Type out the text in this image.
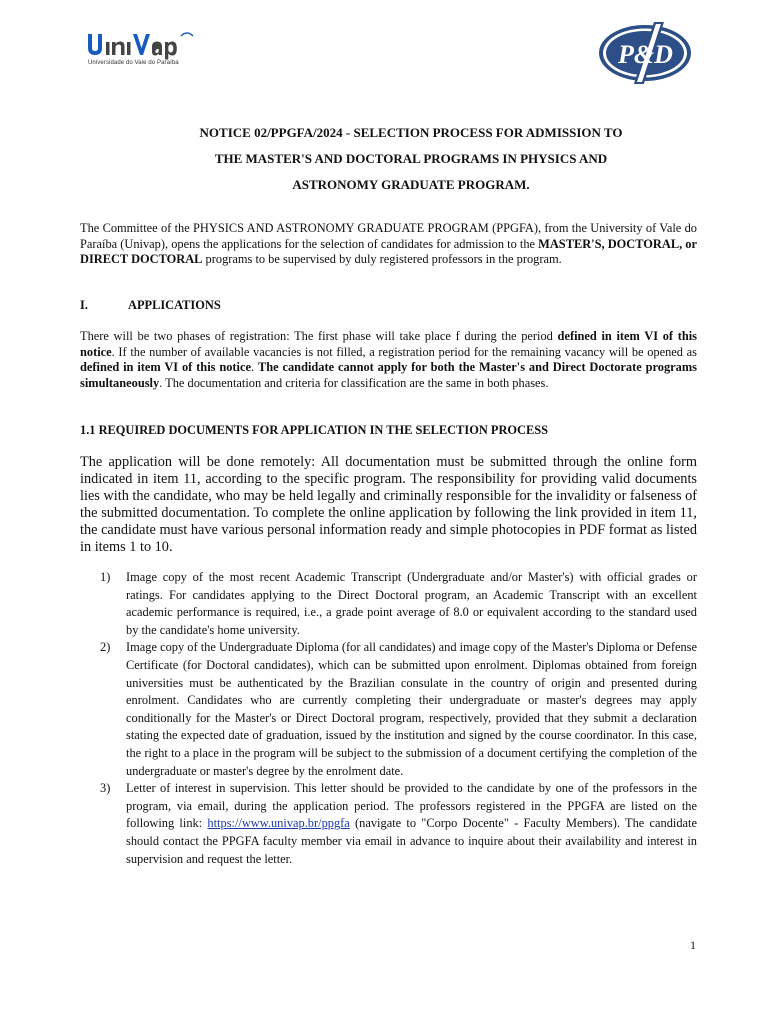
Universidade do Vale do Paraíba	P&D
NOTICE 02/PPGFA/2024 - SELECTION PROCESS FOR ADMISSION TO
THE MASTER'S AND DOCTORAL PROGRAMS IN PHYSICS AND
ASTRONOMY GRADUATE PROGRAM.
The Committee of the PHYSICS AND ASTRONOMY GRADUATE PROGRAM (PPGFA), from the University of Vale do Paraíba (Univap), opens the applications for the selection of candidates for admission to the MASTER'S, DOCTORAL, or DIRECT DOCTORAL programs to be supervised by duly registered professors in the program.
I.	APPLICATIONS
There will be two phases of registration: The first phase will take place f during the period defined in item VI of this notice. If the number of available vacancies is not filled, a registration period for the remaining vacancy will be opened as defined in item VI of this notice. The candidate cannot apply for both the Master's and Direct Doctorate programs simultaneously. The documentation and criteria for classification are the same in both phases.
1.1 REQUIRED DOCUMENTS FOR APPLICATION IN THE SELECTION PROCESS
The application will be done remotely: All documentation must be submitted through the online form indicated in item 11, according to the specific program. The responsibility for providing valid documents lies with the candidate, who may be held legally and criminally responsible for the invalidity or falseness of the submitted documentation. To complete the online application by following the link provided in item 11, the candidate must have various personal information ready and simple photocopies in PDF format as listed in items 1 to 10.
1) Image copy of the most recent Academic Transcript (Undergraduate and/or Master's) with official grades or ratings. For candidates applying to the Direct Doctoral program, an Academic Transcript with an excellent academic performance is required, i.e., a grade point average of 8.0 or equivalent according to the standard used by the candidate's home university.
2) Image copy of the Undergraduate Diploma (for all candidates) and image copy of the Master's Diploma or Defense Certificate (for Doctoral candidates), which can be submitted upon enrolment. Diplomas obtained from foreign universities must be authenticated by the Brazilian consulate in the country of origin and presented during enrolment. Candidates who are currently completing their undergraduate or master's degrees may apply conditionally for the Master's or Direct Doctoral program, respectively, provided that they submit a declaration stating the expected date of graduation, issued by the institution and signed by the course coordinator. In this case, the right to a place in the program will be subject to the submission of a document certifying the completion of the undergraduate or master's degree by the enrolment date.
3) Letter of interest in supervision. This letter should be provided to the candidate by one of the professors in the program, via email, during the application period. The professors registered in the PPGFA are listed on the following link: https://www.univap.br/ppgfa (navigate to "Corpo Docente" - Faculty Members). The candidate should contact the PPGFA faculty member via email in advance to inquire about their availability and interest in supervision and request the letter.
1
